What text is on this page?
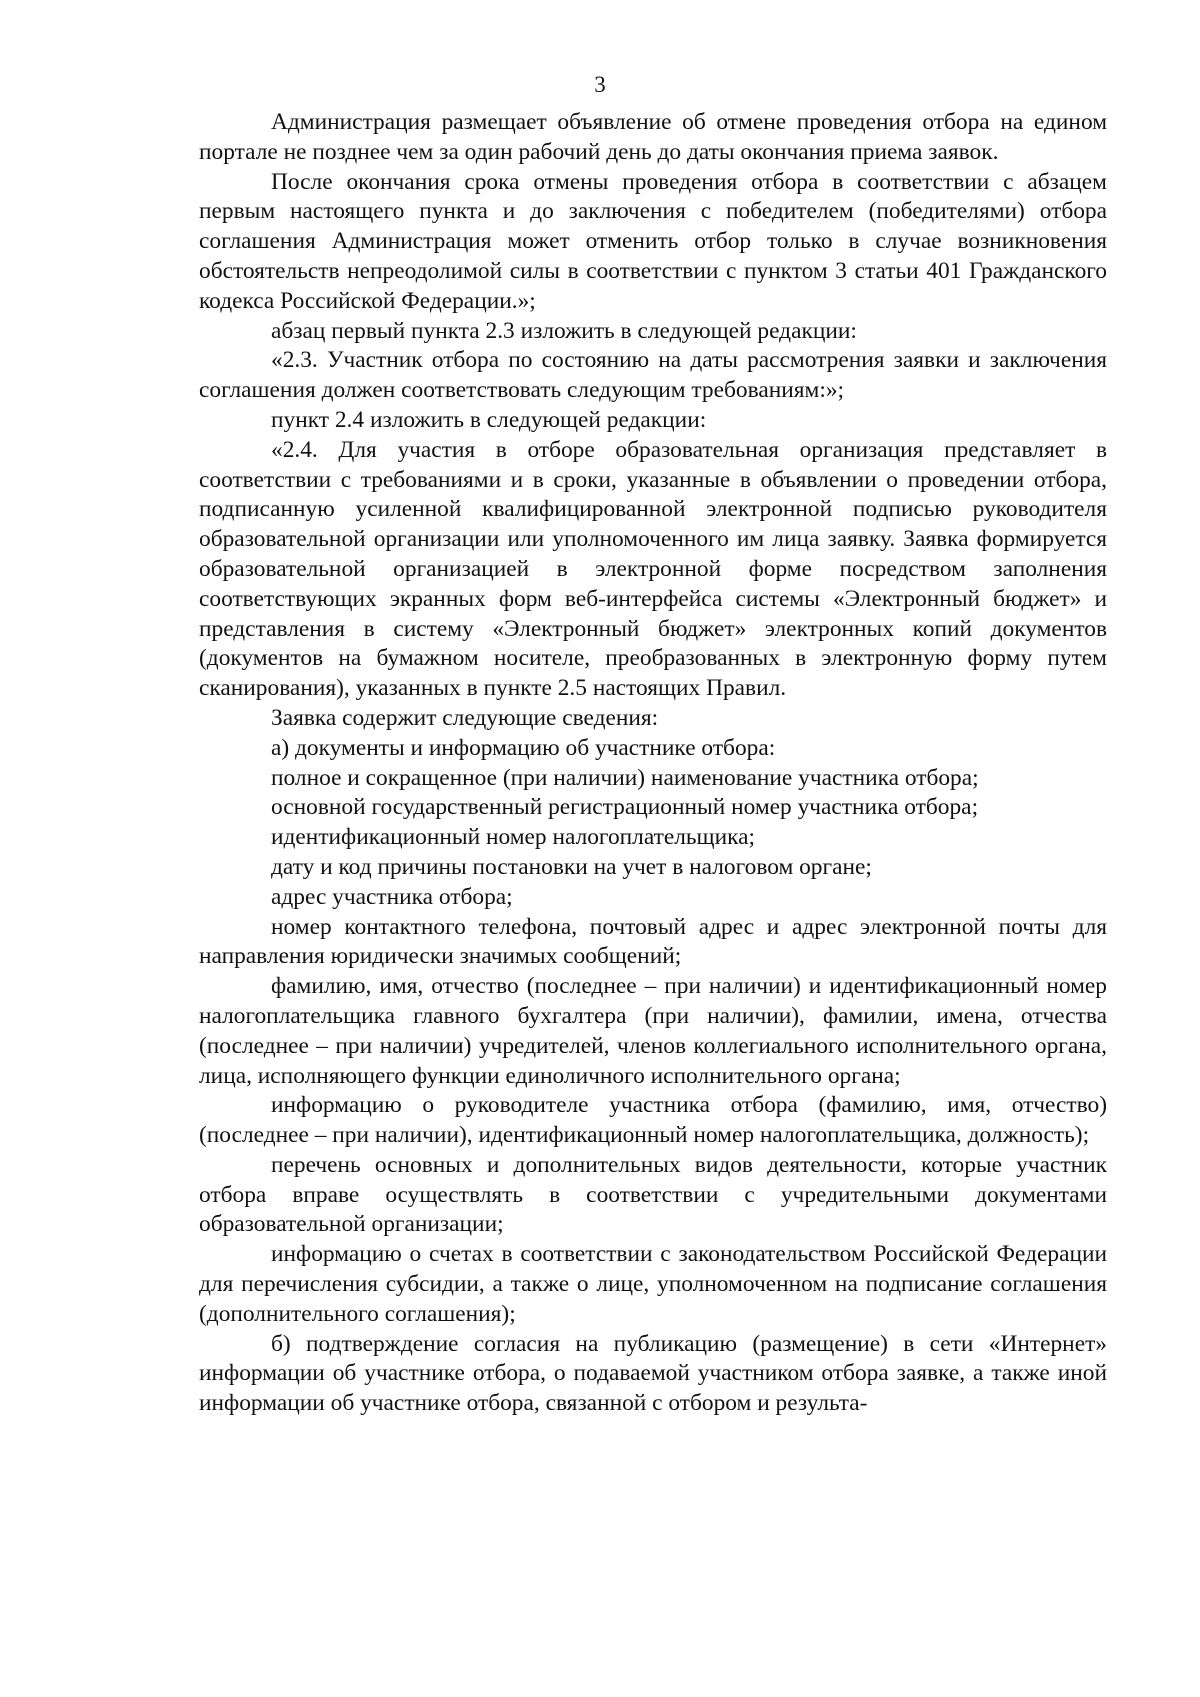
3

Администрация размещает объявление об отмене проведения отбора на едином портале не позднее чем за один рабочий день до даты окончания приема заявок.

После окончания срока отмены проведения отбора в соответствии с абзацем первым настоящего пункта и до заключения с победителем (победителями) отбора соглашения Администрация может отменить отбор только в случае возникновения обстоятельств непреодолимой силы в соответствии с пунктом 3 статьи 401 Гражданского кодекса Российской Федерации.»;

абзац первый пункта 2.3 изложить в следующей редакции:

«2.3. Участник отбора по состоянию на даты рассмотрения заявки и заключения соглашения должен соответствовать следующим требованиям:»;

пункт 2.4 изложить в следующей редакции:

«2.4. Для участия в отборе образовательная организация представляет в соответствии с требованиями и в сроки, указанные в объявлении о проведении отбора, подписанную усиленной квалифицированной электронной подписью руководителя образовательной организации или уполномоченного им лица заявку. Заявка формируется образовательной организацией в электронной форме посредством заполнения соответствующих экранных форм веб-интерфейса системы «Электронный бюджет» и представления в систему «Электронный бюджет» электронных копий документов (документов на бумажном носителе, преобразованных в электронную форму путем сканирования), указанных в пункте 2.5 настоящих Правил.

Заявка содержит следующие сведения:

а) документы и информацию об участнике отбора:

полное и сокращенное (при наличии) наименование участника отбора;

основной государственный регистрационный номер участника отбора;

идентификационный номер налогоплательщика;

дату и код причины постановки на учет в налоговом органе;

адрес участника отбора;

номер контактного телефона, почтовый адрес и адрес электронной почты для направления юридически значимых сообщений;

фамилию, имя, отчество (последнее – при наличии) и идентификационный номер налогоплательщика главного бухгалтера (при наличии), фамилии, имена, отчества (последнее – при наличии) учредителей, членов коллегиального исполнительного органа, лица, исполняющего функции единоличного исполнительного органа;

информацию о руководителе участника отбора (фамилию, имя, отчество) (последнее – при наличии), идентификационный номер налогоплательщика, должность);

перечень основных и дополнительных видов деятельности, которые участник отбора вправе осуществлять в соответствии с учредительными документами образовательной организации;

информацию о счетах в соответствии с законодательством Российской Федерации для перечисления субсидии, а также о лице, уполномоченном на подписание соглашения (дополнительного соглашения);

б) подтверждение согласия на публикацию (размещение) в сети «Интернет» информации об участнике отбора, о подаваемой участником отбора заявке, а также иной информации об участнике отбора, связанной с отбором и результа-
